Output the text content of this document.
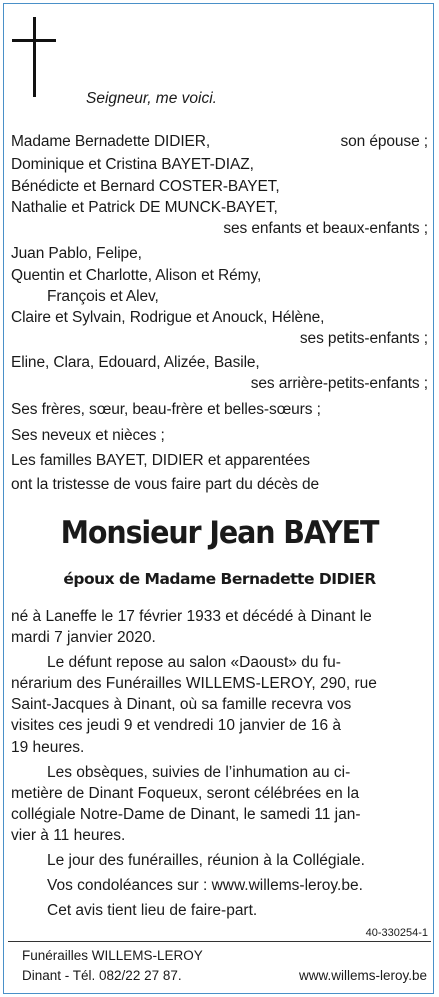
Seigneur, me voici.
Madame Bernadette DIDIER,	son épouse ;
Dominique et Cristina BAYET-DIAZ,
Bénédicte et Bernard COSTER-BAYET,
Nathalie et Patrick DE MUNCK-BAYET,
ses enfants et beaux-enfants ;
Juan Pablo, Felipe,
Quentin et Charlotte, Alison et Rémy,
François et Alev,
Claire et Sylvain, Rodrigue et Anouck, Hélène,
ses petits-enfants ;
Eline, Clara, Edouard, Alizée, Basile,
ses arrière-petits-enfants ;
Ses frères, sœur, beau-frère et belles-sœurs ;
Ses neveux et nièces ;
Les familles BAYET, DIDIER et apparentées
ont la tristesse de vous faire part du décès de
Monsieur Jean BAYET
époux de Madame Bernadette DIDIER
né à Laneffe le 17 février 1933 et décédé à Dinant le
mardi 7 janvier 2020.
Le défunt repose au salon «Daoust» du fu-
nérarium des Funérailles WILLEMS-LEROY, 290, rue
Saint-Jacques à Dinant, où sa famille recevra vos
visites ces jeudi 9 et vendredi 10 janvier de 16 à
19 heures.
Les obsèques, suivies de l’inhumation au ci-
metière de Dinant Foqueux, seront célébrées en la
collégiale Notre-Dame de Dinant, le samedi 11 jan-
vier à 11 heures.
Le jour des funérailles, réunion à la Collégiale.
Vos condoléances sur : www.willems-leroy.be.
Cet avis tient lieu de faire-part.
40-330254-1
Funérailles WILLEMS-LEROY
Dinant - Tél. 082/22 27 87.	www.willems-leroy.be
